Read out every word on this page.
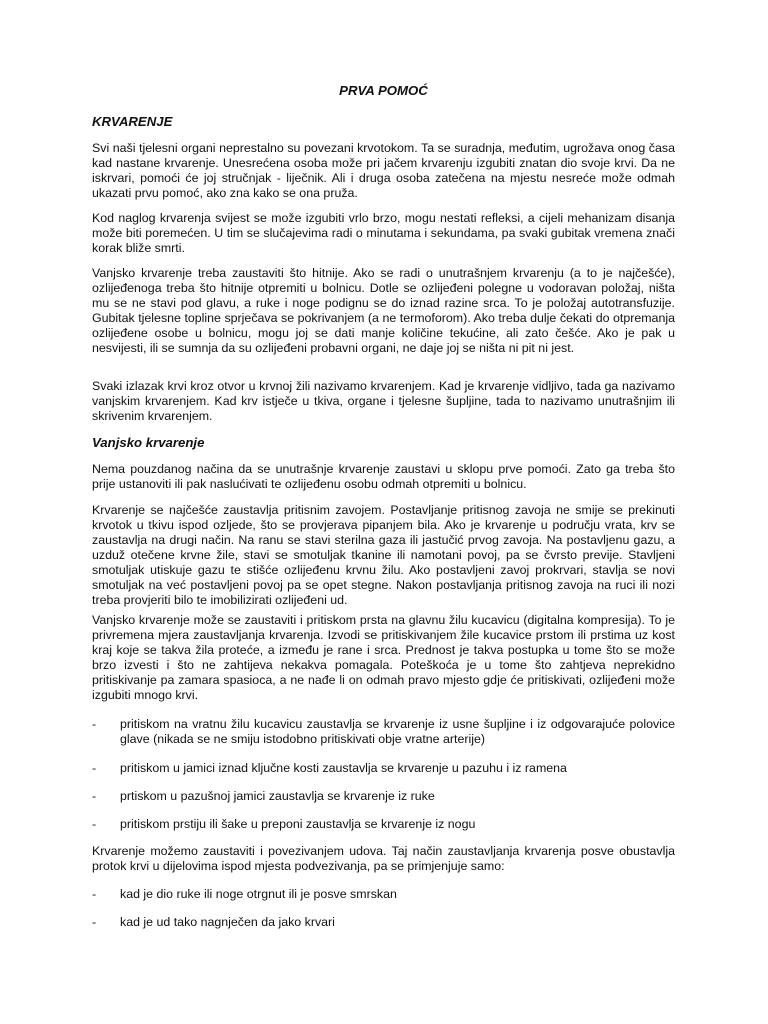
PRVA POMOĆ
KRVARENJE
Svi naši tjelesni organi neprestalno su povezani krvotokom. Ta se suradnja, međutim, ugrožava onog časa kad nastane krvarenje. Unesrećena osoba može pri jačem krvarenju izgubiti znatan dio svoje krvi. Da ne iskrvari, pomoći će joj stručnjak - liječnik. Ali i druga osoba zatečena na mjestu nesreće može odmah ukazati prvu pomoć, ako zna kako se ona pruža.
Kod naglog krvarenja svijest se može izgubiti vrlo brzo, mogu nestati refleksi, a cijeli mehanizam disanja može biti poremećen. U tim se slučajevima radi o minutama i sekundama, pa svaki gubitak vremena znači korak bliže smrti.
Vanjsko krvarenje treba zaustaviti što hitnije. Ako se radi o unutrašnjem krvarenju (a to je najčešće), ozlijeđenoga treba što hitnije otpremiti u bolnicu. Dotle se ozlijeđeni polegne u vodoravan položaj, ništa mu se ne stavi pod glavu, a ruke i noge podignu se do iznad razine srca. To je položaj autotransfuzije. Gubitak tjelesne topline sprječava se pokrivanjem (a ne termoforom). Ako treba dulje čekati do otpremanja ozlijeđene osobe u bolnicu, mogu joj se dati manje količine tekućine, ali zato češće. Ako je pak u nesvijesti, ili se sumnja da su ozlijeđeni probavni organi, ne daje joj se ništa ni pit ni jest.
Svaki izlazak krvi kroz otvor u krvnoj žili nazivamo krvarenjem. Kad je krvarenje vidljivo, tada ga nazivamo vanjskim krvarenjem. Kad krv istječe u tkiva, organe i tjelesne šupljine, tada to nazivamo unutrašnjim ili skrivenim krvarenjem.
Vanjsko krvarenje
Nema pouzdanog načina da se unutrašnje krvarenje zaustavi u sklopu prve pomoći. Zato ga treba što prije ustanoviti ili pak naslućivati te ozlijeđenu osobu odmah otpremiti u bolnicu.
Krvarenje se najčešće zaustavlja pritisnim zavojem. Postavljanje pritisnog zavoja ne smije se prekinuti krvotok u tkivu ispod ozljede, što se provjerava pipanjem bila. Ako je krvarenje u području vrata, krv se zaustavlja na drugi način. Na ranu se stavi sterilna gaza ili jastučić prvog zavoja. Na postavljenu gazu, a uzduž otečene krvne žile, stavi se smotuljak tkanine ili namotani povoj, pa se čvrsto previje. Stavljeni smotuljak utiskuje gazu te stišće ozlijeđenu krvnu žilu. Ako postavljeni zavoj prokrvari, stavlja se novi smotuljak na već postavljeni povoj pa se opet stegne. Nakon postavljanja pritisnog zavoja na ruci ili nozi treba provjeriti bilo te imobilizirati ozlijeđeni ud.
Vanjsko krvarenje može se zaustaviti i pritiskom prsta na glavnu žilu kucavicu (digitalna kompresija). To je privremena mjera zaustavljanja krvarenja. Izvodi se pritiskivanjem žile kucavice prstom ili prstima uz kost kraj koje se takva žila proteće, a između je rane i srca. Prednost je takva postupka u tome što se može brzo izvesti i što ne zahtijeva nekakva pomagala. Poteškoća je u tome što zahtjeva neprekidno pritiskivanje pa zamara spasioca, a ne nađe li on odmah pravo mjesto gdje će pritiskivati, ozlijeđeni može izgubiti mnogo krvi.
- pritiskom na vratnu žilu kucavicu zaustavlja se krvarenje iz usne šupljine i iz odgovarajuće polovice glave (nikada se ne smiju istodobno pritiskivati obje vratne arterije)
- pritiskom u jamici iznad ključne kosti zaustavlja se krvarenje u pazuhu i iz ramena
- prtiskom u pazušnoj jamici zaustavlja se krvarenje iz ruke
- pritiskom prstiju ili šake u preponi zaustavlja se krvarenje iz nogu
Krvarenje možemo zaustaviti i povezivanjem udova. Taj način zaustavljanja krvarenja posve obustavlja protok krvi u dijelovima ispod mjesta podvezivanja, pa se primjenjuje samo:
- kad je dio ruke ili noge otrgnut ili je posve smrskan
- kad je ud tako nagnječen da jako krvari
